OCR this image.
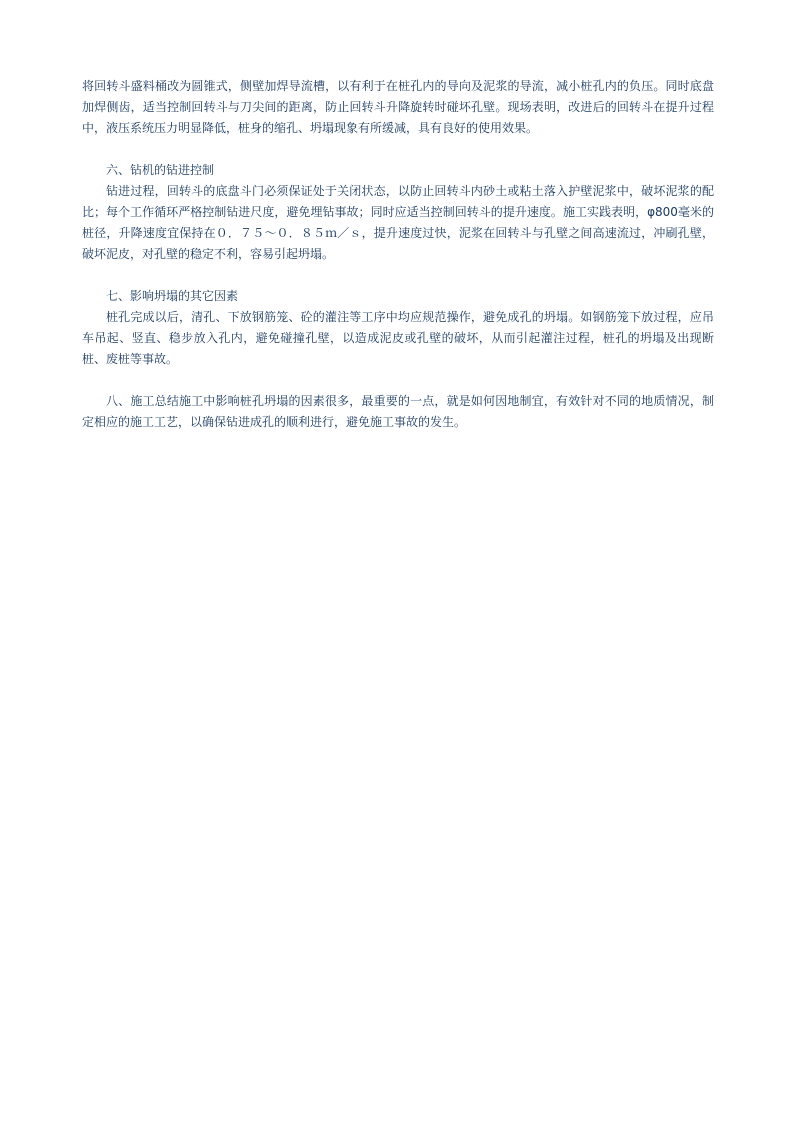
将回转斗盛料桶改为圆锥式，侧壁加焊导流槽，以有利于在桩孔内的导向及泥浆的导流，减小桩孔内的负压。同时底盘加焊侧齿，适当控制回转斗与刀尖间的距离，防止回转斗升降旋转时碰坏孔壁。现场表明，改进后的回转斗在提升过程中，液压系统压力明显降低，桩身的缩孔、坍塌现象有所缓减，具有良好的使用效果。

六、钻机的钻进控制

钻进过程，回转斗的底盘斗门必须保证处于关闭状态，以防止回转斗内砂土或粘土落入护壁泥浆中，破坏泥浆的配比；每个工作循环严格控制钻进尺度，避免埋钻事故；同时应适当控制回转斗的提升速度。施工实践表明，φ800毫米的桩径，升降速度宜保持在０．７５～０．８５ｍ／ｓ，提升速度过快，泥浆在回转斗与孔壁之间高速流过，冲刷孔壁，破坏泥皮，对孔壁的稳定不利，容易引起坍塌。

七、影响坍塌的其它因素

桩孔完成以后，清孔、下放钢筋笼、砼的灌注等工序中均应规范操作，避免成孔的坍塌。如钢筋笼下放过程，应吊车吊起、竖直、稳步放入孔内，避免碰撞孔壁，以造成泥皮或孔壁的破坏，从而引起灌注过程，桩孔的坍塌及出现断桩、废桩等事故。

八、施工总结施工中影响桩孔坍塌的因素很多，最重要的一点，就是如何因地制宜，有效针对不同的地质情况，制定相应的施工工艺，以确保钻进成孔的顺利进行，避免施工事故的发生。
